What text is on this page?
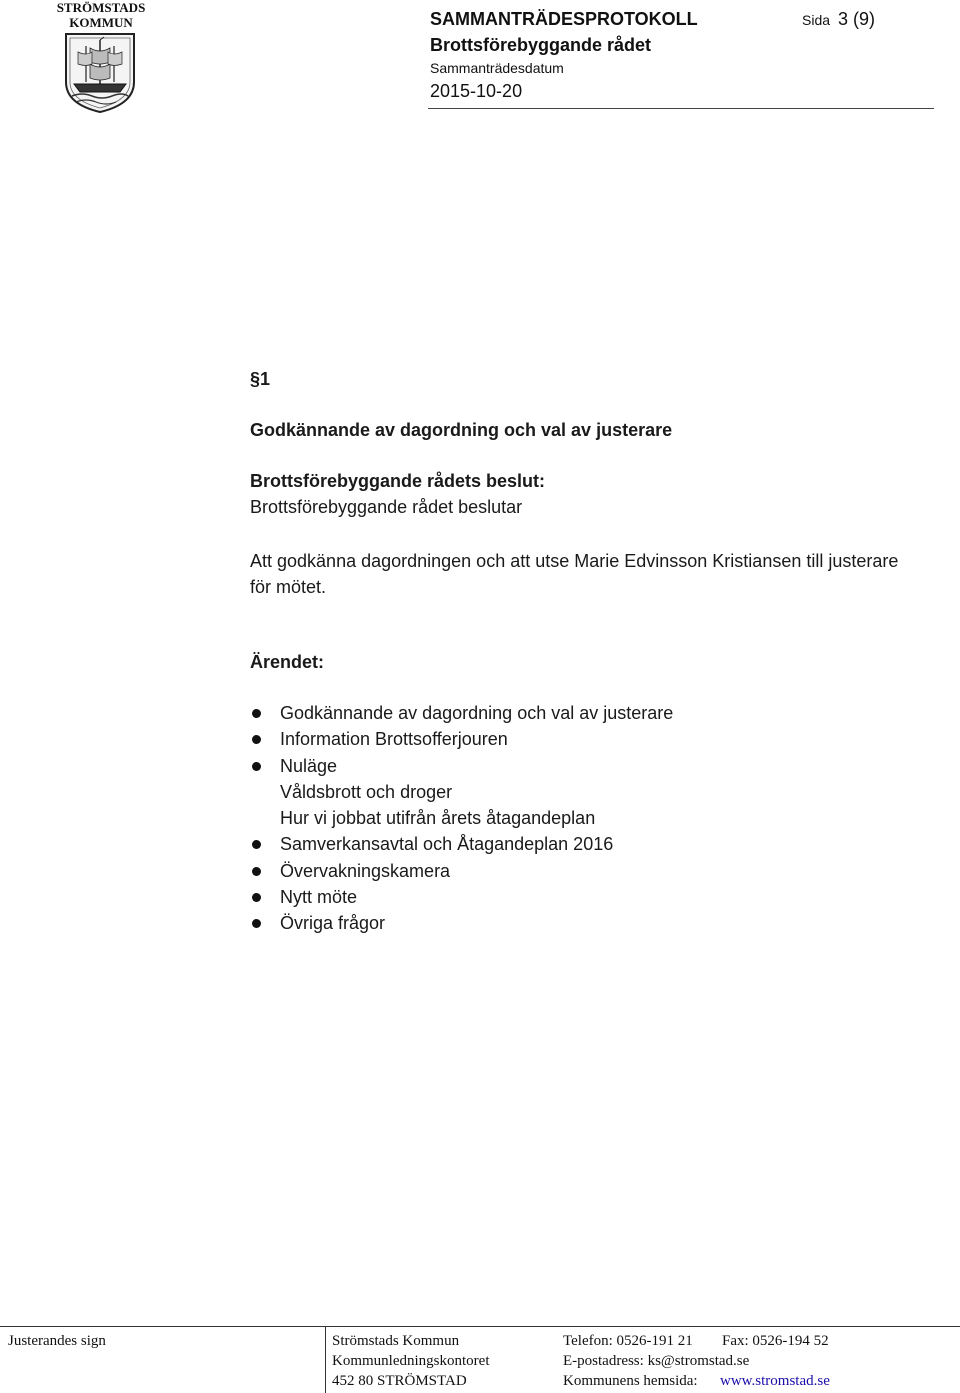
STRÖMSTADS
KOMMUN	SAMMANTRÄDESPROTOKOLL	Sida 3 (9)
Brottsförebyggande rådet
Sammanträdesdatum
2015-10-20
§1
Godkännande av dagordning och val av justerare
Brottsförebyggande rådets beslut:
Brottsförebyggande rådet beslutar
Att godkänna dagordningen och att utse Marie Edvinsson Kristiansen till justerare för mötet.
Ärendet:
Godkännande av dagordning och val av justerare
Information Brottsofferjouren
Nuläge
Våldsbrott och droger
Hur vi jobbat utifrån årets åtagandeplan
Samverkansavtal och Åtagandeplan 2016
Övervakningskamera
Nytt möte
Övriga frågor
Justerandes sign	Strömstads Kommun
Kommunledningskontoret
452 80 STRÖMSTAD
Telefon: 0526-191 21 Fax: 0526-194 52
E-postadress: ks@stromstad.se
Kommunens hemsida: www.stromstad.se
